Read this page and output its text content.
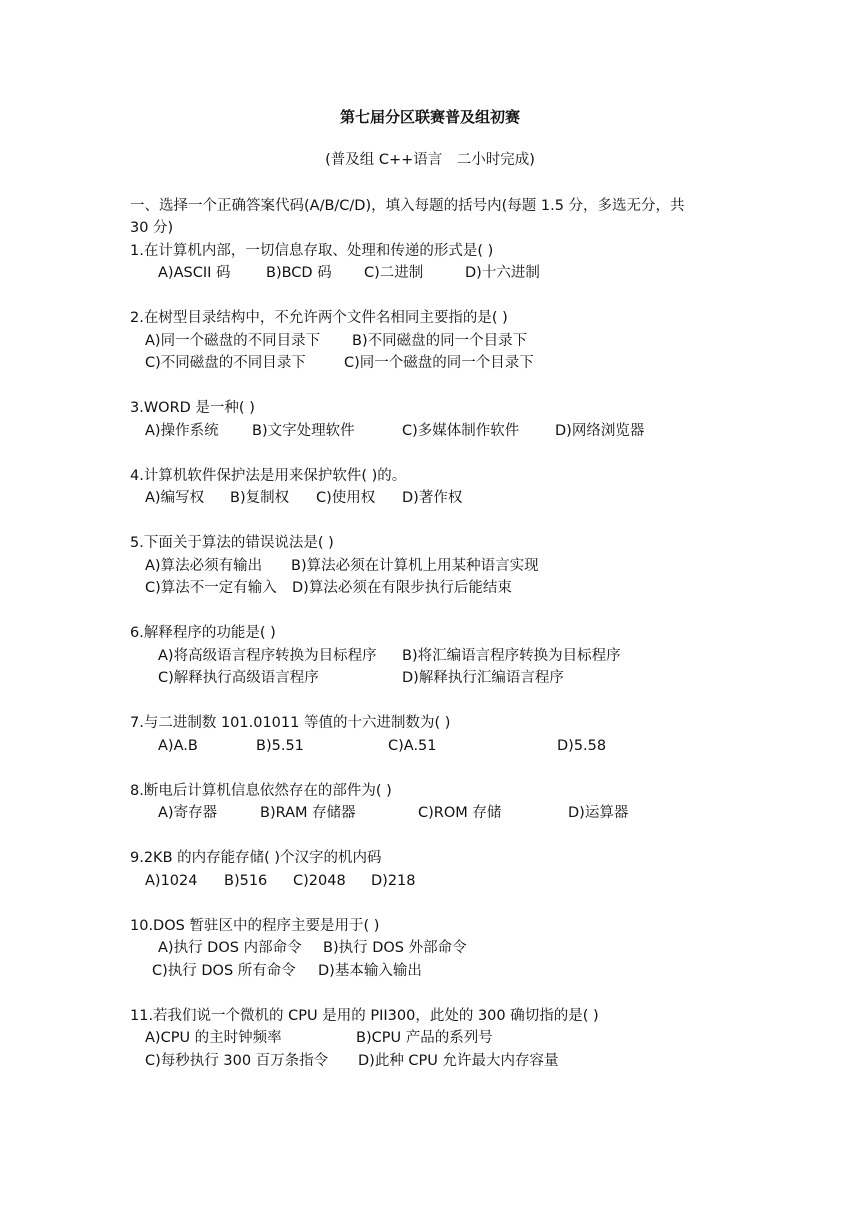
第七届分区联赛普及组初赛
(普及组 C++语言　二小时完成)
一、选择一个正确答案代码(A/B/C/D)，填入每题的括号内(每题 1.5 分，多选无分，共
30 分)
1.在计算机内部，一切信息存取、处理和传递的形式是( )
A)ASCII 码 B)BCD 码 C)二进制	D)十六进制
2.在树型目录结构中，不允许两个文件名相同主要指的是( )
A)同一个磁盘的不同目录下 B)不同磁盘的同一个目录下
C)不同磁盘的不同目录下	C)同一个磁盘的同一个目录下
3.WORD 是一种( )
A)操作系统 B)文字处理软件	C)多媒体制作软件 D)网络浏览器
4.计算机软件保护法是用来保护软件( )的。
A)编写权 B)复制权 C)使用权 D)著作权
5.下面关于算法的错误说法是( )
A)算法必须有输出 B)算法必须在计算机上用某种语言实现
C)算法不一定有输入 D)算法必须在有限步执行后能结束
6.解释程序的功能是( )
A)将高级语言程序转换为目标程序 B)将汇编语言程序转换为目标程序
C)解释执行高级语言程序	D)解释执行汇编语言程序
7.与二进制数 101.01011 等值的十六进制数为( )
A)A.B	B)5.51	C)A.51	D)5.58
8.断电后计算机信息依然存在的部件为( )
A)寄存器	B)RAM 存储器	C)ROM 存储	D)运算器
9.2KB 的内存能存储( )个汉字的机内码
A)1024 B)516 C)2048 D)218
10.DOS 暂驻区中的程序主要是用于( )
A)执行 DOS 内部命令 B)执行 DOS 外部命令
C)执行 DOS 所有命令 D)基本输入输出
11.若我们说一个微机的 CPU 是用的 PII300，此处的 300 确切指的是( )
A)CPU 的主时钟频率	B)CPU 产品的系列号
C)每秒执行 300 百万条指令 D)此种 CPU 允许最大内存容量
